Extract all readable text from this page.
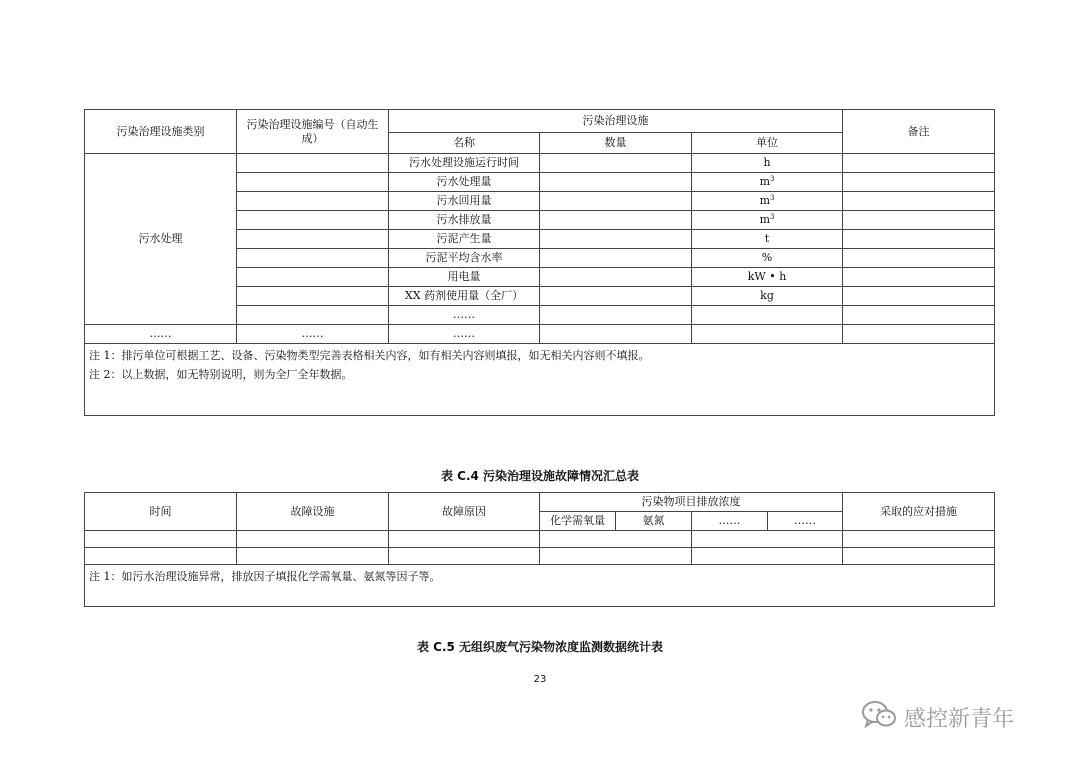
污染治理设施类别	污染治理设施编号（自动生成）	污染治理设施			备注
		名称	数量	单位	
污水处理		污水处理设施运行时间		h	
		污水处理量		$m^3$	
		污水回用量		$m^3$	
		污水排放量		$m^3$	
		污泥产生量		t	
		污泥平均含水率		%	
		用电量		kW • h	
		XX 药剂使用量（全厂）		kg	
		……			
……	……	……			

注 1：排污单位可根据工艺、设备、污染物类型完善表格相关内容，如有相关内容则填报，如无相关内容则不填报。
注 2：以上数据，如无特别说明，则为全厂全年数据。					
表 C.4 污染治理设施故障情况汇总表
时间	故障设施	故障原因	污染物项目排放浓度				采取的应对措施
			化学需氧量	氨氮	……	……	

注 1：如污水治理设施异常，排放因子填报化学需氧量、氨氮等因子等。							
表 C.5 无组织废气污染物浓度监测数据统计表
23
感控新青年
